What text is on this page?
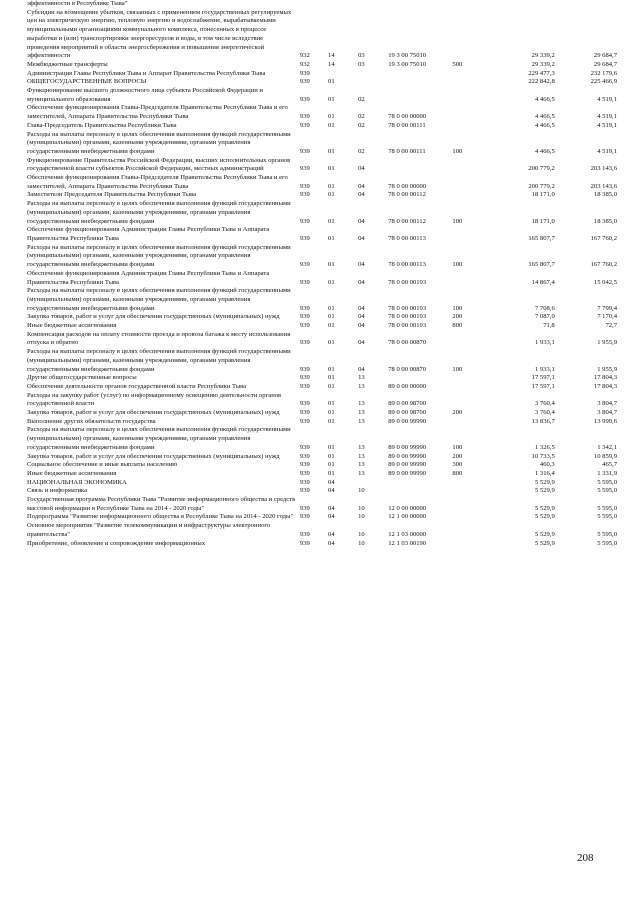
эффективности в Республике Тыва"							
Субсидии на возмещение убытков, связанных с применением государственных регулируемых цен на электрическую энергию, тепловую энергию и водоснабжение, вырабатываемыми муниципальными организациями коммунального комплекса, понесенных в процессе выработки и (или) транспортировки энергоресурсов и воды, в том числе вследствие проведения мероприятий в области энергосбережения и повышения энергетической эффективности	932	14	03	19 3 00 75010		29 339,2	29 684,7
Межбюджетные трансферты	932	14	03	19 3 00 75010	500	29 339,2	29 684,7
Администрация Главы Республики Тыва и Аппарат Правительства Республики Тыва	939					229 477,3	232 179,6
ОБЩЕГОСУДАРСТВЕННЫЕ ВОПРОСЫ	939	01				222 842,8	225 466,9
Функционирование высшего должностного лица субъекта Российской Федерации и муниципального образования	939	01	02			4 466,5	4 519,1
Обеспечение функционирования Главы-Председателя Правительства Республики Тыва и его заместителей, Аппарата Правительства Республики Тыва	939	01	02	78 0 00 00000		4 466,5	4 519,1
Глава-Председатель Правительства Республики Тыва	939	01	02	78 0 00 00111		4 466,5	4 519,1
Расходы на выплаты персоналу в целях обеспечения выполнения функций государственными (муниципальными) органами, казенными учреждениями, органами управления государственными внебюджетными фондами	939	01	02	78 0 00 00111	100	4 466,5	4 519,1
Функционирование Правительства Российской Федерации, высших исполнительных органов государственной власти субъектов Российской Федерации, местных администраций	939	01	04			200 779,2	203 143,6
Обеспечение функционирования Главы-Председателя Правительства Республики Тыва и его заместителей, Аппарата Правительства Республики Тыва	939	01	04	78 0 00 00000		200 779,2	203 143,6
Заместители Председателя Правительства Республики Тыва	939	01	04	78 0 00 00112		18 171,0	18 385,0
Расходы на выплаты персоналу в целях обеспечения выполнения функций государственными (муниципальными) органами, казенными учреждениями, органами управления государственными внебюджетными фондами	939	01	04	78 0 00 00112	100	18 171,0	18 385,0
Обеспечение функционирования Администрации Главы Республики Тыва и Аппарата Правительства Республики Тыва	939	01	04	78 0 00 00113		165 807,7	167 760,2
Расходы на выплаты персоналу в целях обеспечения выполнения функций государственными (муниципальными) органами, казенными учреждениями, органами управления государственными внебюджетными фондами	939	01	04	78 0 00 00113	100	165 807,7	167 760,2
Обеспечение функционирования Администрации Главы Республики Тыва и Аппарата Правительства Республики Тыва	939	01	04	78 0 00 00193		14 867,4	15 042,5
Расходы на выплаты персоналу в целях обеспечения выполнения функций государственными (муниципальными) органами, казенными учреждениями, органами управления государственными внебюджетными фондами	939	01	04	78 0 00 00193	100	7 708,6	7 799,4
Закупка товаров, работ и услуг для обеспечения государственных (муниципальных) нужд	939	01	04	78 0 00 00193	200	7 087,0	7 170,4
Иные бюджетные ассигнования	939	01	04	78 0 00 00193	800	71,8	72,7
Компенсация расходов на оплату стоимости проезда и провоза багажа к месту использования отпуска и обратно	939	01	04	78 0 00 00870		1 933,1	1 955,9
Расходы на выплаты персоналу в целях обеспечения выполнения функций государственными (муниципальными) органами, казенными учреждениями, органами управления государственными внебюджетными фондами	939	01	04	78 0 00 00870	100	1 933,1	1 955,9
Другие общегосударственные вопросы	939	01	13			17 597,1	17 804,3
Обеспечение деятельности органов государственной власти Республики Тыва	939	01	13	89 0 00 00000		17 597,1	17 804,3
Расходы на закупку работ (услуг) по информационному освещению деятельности органов государственной власти	939	01	13	89 0 00 98700		3 760,4	3 804,7
Закупка товаров, работ и услуг для обеспечения государственных (муниципальных) нужд	939	01	13	89 0 00 98700	200	3 760,4	3 804,7
Выполнение других обязательств государства	939	01	13	89 0 00 99990		13 836,7	13 999,6
Расходы на выплаты персоналу в целях обеспечения выполнения функций государственными (муниципальными) органами, казенными учреждениями, органами управления государственными внебюджетными фондами	939	01	13	89 0 00 99990	100	1 326,5	1 342,1
Закупка товаров, работ и услуг для обеспечения государственных (муниципальных) нужд	939	01	13	89 0 00 99990	200	10 733,5	10 859,9
Социальное обеспечение и иные выплаты населению	939	01	13	89 0 00 99990	300	460,3	465,7
Иные бюджетные ассигнования	939	01	13	89 0 00 99990	800	1 316,4	1 331,9
НАЦИОНАЛЬНАЯ ЭКОНОМИКА	939	04				5 529,9	5 595,0
Связь и информатика	939	04	10			5 529,9	5 595,0
Государственная программа Республики Тыва "Развитие информационного общества и средств массовой информации в Республике Тыва на 2014 - 2020 годы"	939	04	10	12 0 00 00000		5 529,9	5 595,0
Подпрограмма "Развитие информационного общества в Республике Тыва на 2014 - 2020 годы"	939	04	10	12 1 00 00000		5 529,9	5 595,0
Основное мероприятие "Развитие телекоммуникации и инфраструктуры электронного правительства"	939	04	10	12 1 03 00000		5 529,9	5 595,0
Приобретение, обновление и сопровождение информационных	939	04	10	12 1 03 00190		5 529,9	5 595,0
208
